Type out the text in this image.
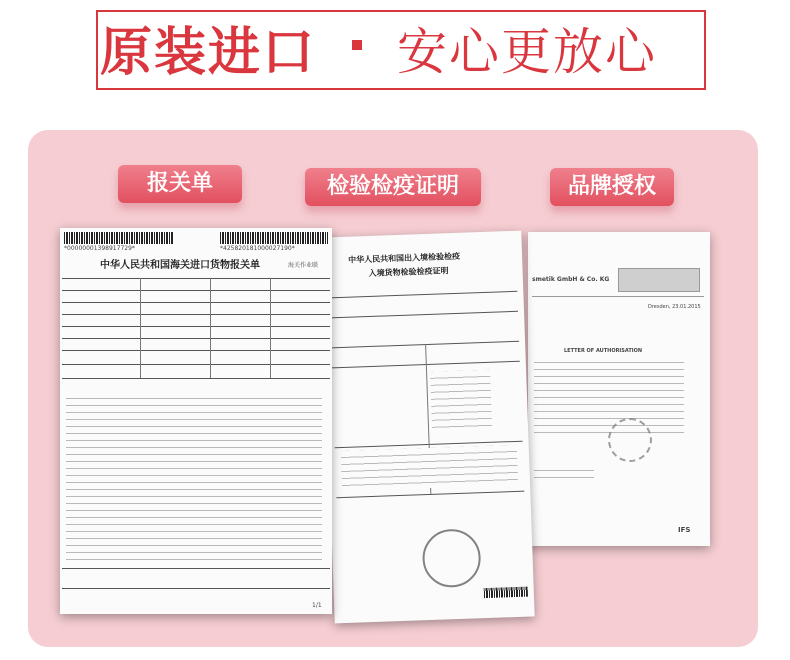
原装进口 安心更放心
报关单	检验检疫证明	品牌授权
smetik GmbH & Co. KG
Dresden, 23.01.2015
LETTER OF AUTHORISATION
IFS
中华人民共和国出入境检验检疫
入境货物检验检疫证明
*000000013989177​29*	*425820181000027190*
中华人民共和国海关进口货物报关单	海关作业联
1/1
